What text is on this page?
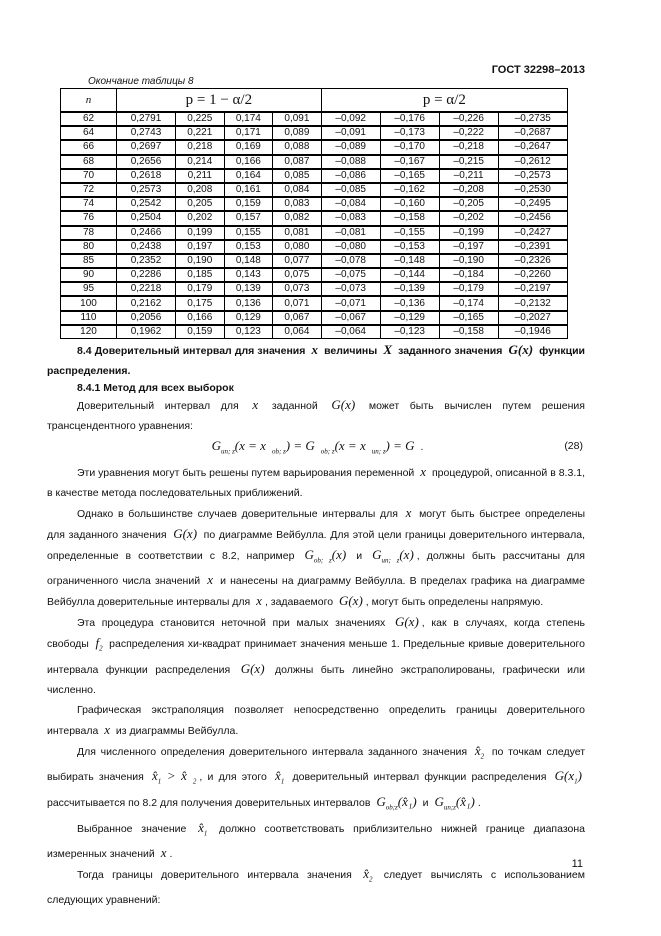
ГОСТ 32298–2013
Окончание таблицы 8
n	p = 1 − α/2				p = α/2			
62	0,2791	0,225	0,174	0,091	–0,092	–0,176	–0,226	–0,2735
64	0,2743	0,221	0,171	0,089	–0,091	–0,173	–0,222	–0,2687
66	0,2697	0,218	0,169	0,088	–0,089	–0,170	–0,218	–0,2647
68	0,2656	0,214	0,166	0,087	–0,088	–0,167	–0,215	–0,2612
70	0,2618	0,211	0,164	0,085	–0,086	–0,165	–0,211	–0,2573
72	0,2573	0,208	0,161	0,084	–0,085	–0,162	–0,208	–0,2530
74	0,2542	0,205	0,159	0,083	–0,084	–0,160	–0,205	–0,2495
76	0,2504	0,202	0,157	0,082	–0,083	–0,158	–0,202	–0,2456
78	0,2466	0,199	0,155	0,081	–0,081	–0,155	–0,199	–0,2427
80	0,2438	0,197	0,153	0,080	–0,080	–0,153	–0,197	–0,2391
85	0,2352	0,190	0,148	0,077	–0,078	–0,148	–0,190	–0,2326
90	0,2286	0,185	0,143	0,075	–0,075	–0,144	–0,184	–0,2260
95	0,2218	0,179	0,139	0,073	–0,073	–0,139	–0,179	–0,2197
100	0,2162	0,175	0,136	0,071	–0,071	–0,136	–0,174	–0,2132
110	0,2056	0,166	0,129	0,067	–0,067	–0,129	–0,165	–0,2027
120	0,1962	0,159	0,123	0,064	–0,064	–0,123	–0,158	–0,1946

8.4 Доверительный интервал для значения x величины X заданного значения G(x) функции распределения.

8.4.1 Метод для всех выборок

Доверительный интервал для x заданной G(x) может быть вычислен путем решения трансцендентного уравнения:

$G_{un; z}(x = x$ $_{ob; z}$) = G $_{ob; z}$(x = x $_{un; z}$) = G .	(28)

Эти уравнения могут быть решены путем варьирования переменной x процедурой, описанной в 8.3.1, в качестве метода последовательных приближений.

Однако в большинстве случаев доверительные интервалы для x могут быть быстрее определены для заданного значения G(x) по диаграмме Вейбулла. Для этой цели границы доверительного интервала, определенные в соответствии с 8.2, например $G_{ob; z}(x)$ и $G_{un; z}(x)$ , должны быть рассчитаны для ограниченного числа значений x и нанесены на диаграмму Вейбулла. В пределах графика на диаграмме Вейбулла доверительные интервалы для x , задаваемого G(x) , могут быть определены напрямую.

Эта процедура становится неточной при малых значениях G(x) , как в случаях, когда степень свободы $f_2$ распределения хи-квадрат принимает значения меньше 1. Предельные кривые доверительного интервала функции распределения G(x) должны быть линейно экстраполированы, графически или численно.

Графическая экстраполяция позволяет непосредственно определить границы доверительного интервала x из диаграммы Вейбулла.

Для численного определения доверительного интервала заданного значения $x̂_2$ по точкам следует выбирать значения $x̂_1$ > x̂ $_2$ , и для этого $x̂_1$ доверительный интервал функции распределения $G(x_1)$ рассчитывается по 8.2 для получения доверительных интервалов $G_{ob;z}(x̂_1)$ и $G_{un;z}(x̂_1)$ .

Выбранное значение $x̂_1$ должно соответствовать приблизительно нижней границе диапазона измеренных значений x .

Тогда границы доверительного интервала значения $x̂_2$ следует вычислять с использованием следующих уравнений:

11
